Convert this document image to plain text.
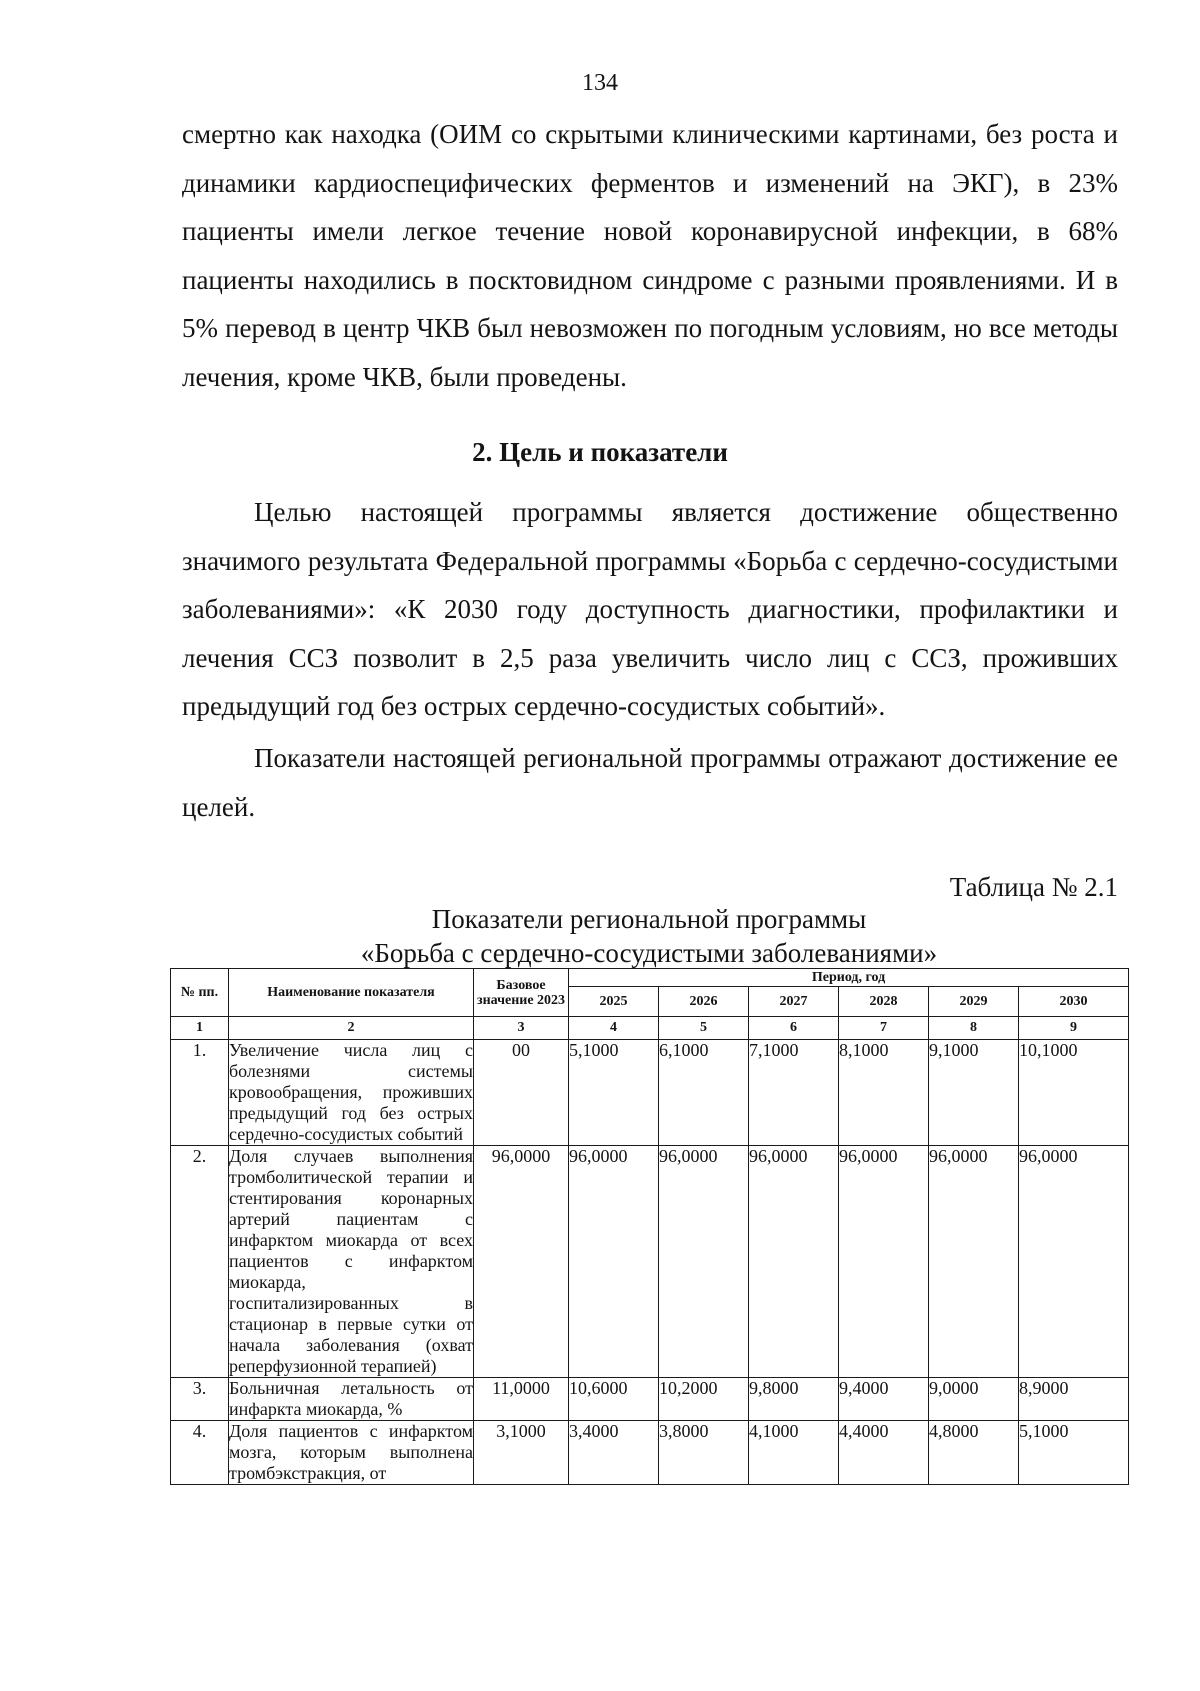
134

смертно как находка (ОИМ со скрытыми клиническими картинами, без роста и динамики кардиоспецифических ферментов и изменений на ЭКГ), в 23% пациенты имели легкое течение новой коронавирусной инфекции, в 68% пациенты находились в посктовидном синдроме с разными проявлениями. И в 5% перевод в центр ЧКВ был невозможен по погодным условиям, но все методы лечения, кроме ЧКВ, были проведены.

2. Цель и показатели

Целью настоящей программы является достижение общественно значимого результата Федеральной программы «Борьба с сердечно-сосудистыми заболеваниями»: «К 2030 году доступность диагностики, профилактики и лечения ССЗ позволит в 2,5 раза увеличить число лиц с ССЗ, проживших предыдущий год без острых сердечно-сосудистых событий».

Показатели настоящей региональной программы отражают достижение ее целей.

Таблица № 2.1
Показатели региональной программы
«Борьба с сердечно-сосудистыми заболеваниями»
№ пп.	Наименование показателя	Базовое значение 2023	Период, год					
			2025	2026	2027	2028	2029	2030
1	2	3	4	5	6	7	8	9
1.	Увеличение числа лиц с болезнями системы кровообращения, проживших предыдущий год без острых сердечно-сосудистых событий	00	5,1000	6,1000	7,1000	8,1000	9,1000	10,1000
2.	Доля случаев выполнения тромболитической терапии и стентирования коронарных артерий пациентам с инфарктом миокарда от всех пациентов с инфарктом миокарда, госпитализированных в стационар в первые сутки от начала заболевания (охват реперфузионной терапией)	96,0000	96,0000	96,0000	96,0000	96,0000	96,0000	96,0000
3.	Больничная летальность от инфаркта миокарда, %	11,0000	10,6000	10,2000	9,8000	9,4000	9,0000	8,9000
4.	Доля пациентов с инфарктом мозга, которым выполнена тромбэкстракция, от	3,1000	3,4000	3,8000	4,1000	4,4000	4,8000	5,1000
